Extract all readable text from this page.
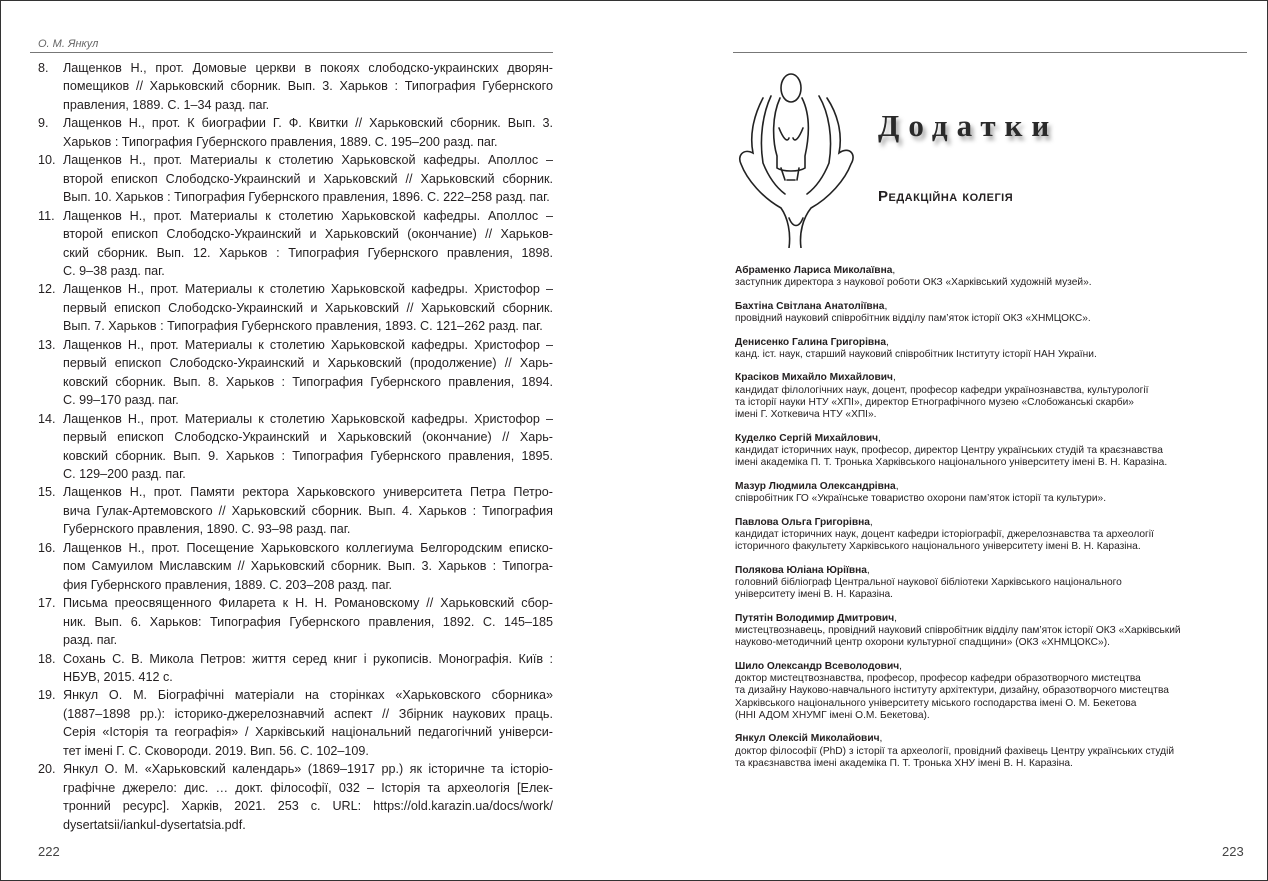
О. М. Янкул
8. Лащенков Н., прот. Домовые церкви в покоях слободско-украинских дворян-
помещиков // Харьковский сборник. Вып. 3. Харьков : Типография Губернского
правления, 1889. С. 1–34 разд. паг.
9. Лащенков Н., прот. К биографии Г. Ф. Квитки // Харьковский сборник. Вып. 3.
Харьков : Типография Губернского правления, 1889. С. 195–200 разд. паг.
10. Лащенков Н., прот. Материалы к столетию Харьковской кафедры. Аполлос –
второй епископ Слободско-Украинский и Харьковский // Харьковский сборник.
Вып. 10. Харьков : Типография Губернского правления, 1896. С. 222–258 разд. паг.
11. Лащенков Н., прот. Материалы к столетию Харьковской кафедры. Аполлос –
второй епископ Слободско-Украинский и Харьковский (окончание) // Харьков-
ский сборник. Вып. 12. Харьков : Типография Губернского правления, 1898.
С. 9–38 разд. паг.
12. Лащенков Н., прот. Материалы к столетию Харьковской кафедры. Христофор –
первый епископ Слободско-Украинский и Харьковский // Харьковский сборник.
Вып. 7. Харьков : Типография Губернского правления, 1893. С. 121–262 разд. паг.
13. Лащенков Н., прот. Материалы к столетию Харьковской кафедры. Христофор –
первый епископ Слободско-Украинский и Харьковский (продолжение) // Харь-
ковский сборник. Вып. 8. Харьков : Типография Губернского правления, 1894.
С. 99–170 разд. паг.
14. Лащенков Н., прот. Материалы к столетию Харьковской кафедры. Христофор –
первый епископ Слободско-Украинский и Харьковский (окончание) // Харь-
ковский сборник. Вып. 9. Харьков : Типография Губернского правления, 1895.
С. 129–200 разд. паг.
15. Лащенков Н., прот. Памяти ректора Харьковского университета Петра Петро-
вича Гулак-Артемовского // Харьковский сборник. Вып. 4. Харьков : Типография
Губернского правления, 1890. С. 93–98 разд. паг.
16. Лащенков Н., прот. Посещение Харьковского коллегиума Белгородским еписко-
пом Самуилом Миславским // Харьковский сборник. Вып. 3. Харьков : Типогра-
фия Губернского правления, 1889. С. 203–208 разд. паг.
17. Письма преосвященного Филарета к Н. Н. Романовскому // Харьковский сбор-
ник. Вып. 6. Харьков: Типография Губернского правления, 1892. С. 145–185
разд. паг.
18. Сохань С. В. Микола Петров: життя серед книг і рукописів. Монографія. Київ :
НБУВ, 2015. 412 с.
19. Янкул О. М. Біографічні матеріали на сторінках «Харьковского сборника»
(1887–1898 рр.): історико-джерелознавчий аспект // Збірник наукових праць.
Серія «Історія та географія» / Харківський національний педагогічний універси-
тет імені Г. С. Сковороди. 2019. Вип. 56. С. 102–109.
20. Янкул О. М. «Харьковский календарь» (1869–1917 рр.) як історичне та історіо-
графічне джерело: дис. … докт. філософії, 032 – Історія та археологія [Елек-
тронний ресурс]. Харків, 2021. 253 с. URL: https://old.karazin.ua/docs/work/
dysertatsii/iankul-dysertatsia.pdf.
222
Додатки
Редакційна колегія
Абраменко Лариса Миколаївна,
заступник директора з наукової роботи ОКЗ «Харківський художній музей».
Бахтіна Світлана Анатоліївна,
провідний науковий співробітник відділу пам’яток історії ОКЗ «ХНМЦОКС».
Денисенко Галина Григорівна,
канд. іст. наук, старший науковий співробітник Інституту історії НАН України.
Красіков Михайло Михайлович,
кандидат філологічних наук, доцент, професор кафедри українознавства, культурології
та історії науки НТУ «ХПІ», директор Етнографічного музею «Слобожанські скарби»
імені Г. Хоткевича НТУ «ХПІ».
Куделко Сергій Михайлович,
кандидат історичних наук, професор, директор Центру українських студій та краєзнавства
імені академіка П. Т. Тронька Харківського національного університету імені В. Н. Каразіна.
Мазур Людмила Олександрівна,
співробітник ГО «Українське товариство охорони пам’яток історії та культури».
Павлова Ольга Григорівна,
кандидат історичних наук, доцент кафедри історіографії, джерелознавства та археології
історичного факультету Харківського національного університету імені В. Н. Каразіна.
Полякова Юліана Юріївна,
головний бібліограф Центральної наукової бібліотеки Харківського національного
університету імені В. Н. Каразіна.
Путятін Володимир Дмитрович,
мистецтвознавець, провідний науковий співробітник відділу пам’яток історії ОКЗ «Харківський
науково-методичний центр охорони культурної спадщини» (ОКЗ «ХНМЦОКС»).
Шило Олександр Всеволодович,
доктор мистецтвознавства, професор, професор кафедри образотворчого мистецтва
та дизайну Науково-навчального інституту архітектури, дизайну, образотворчого мистецтва
Харківського національного університету міського господарства імені О. М. Бекетова
(ННІ АДОМ ХНУМГ імені О.М. Бекетова).
Янкул Олексій Миколайович,
доктор філософії (PhD) з історії та археології, провідний фахівець Центру українських студій
та краєзнавства імені академіка П. Т. Тронька ХНУ імені В. Н. Каразіна.
223
